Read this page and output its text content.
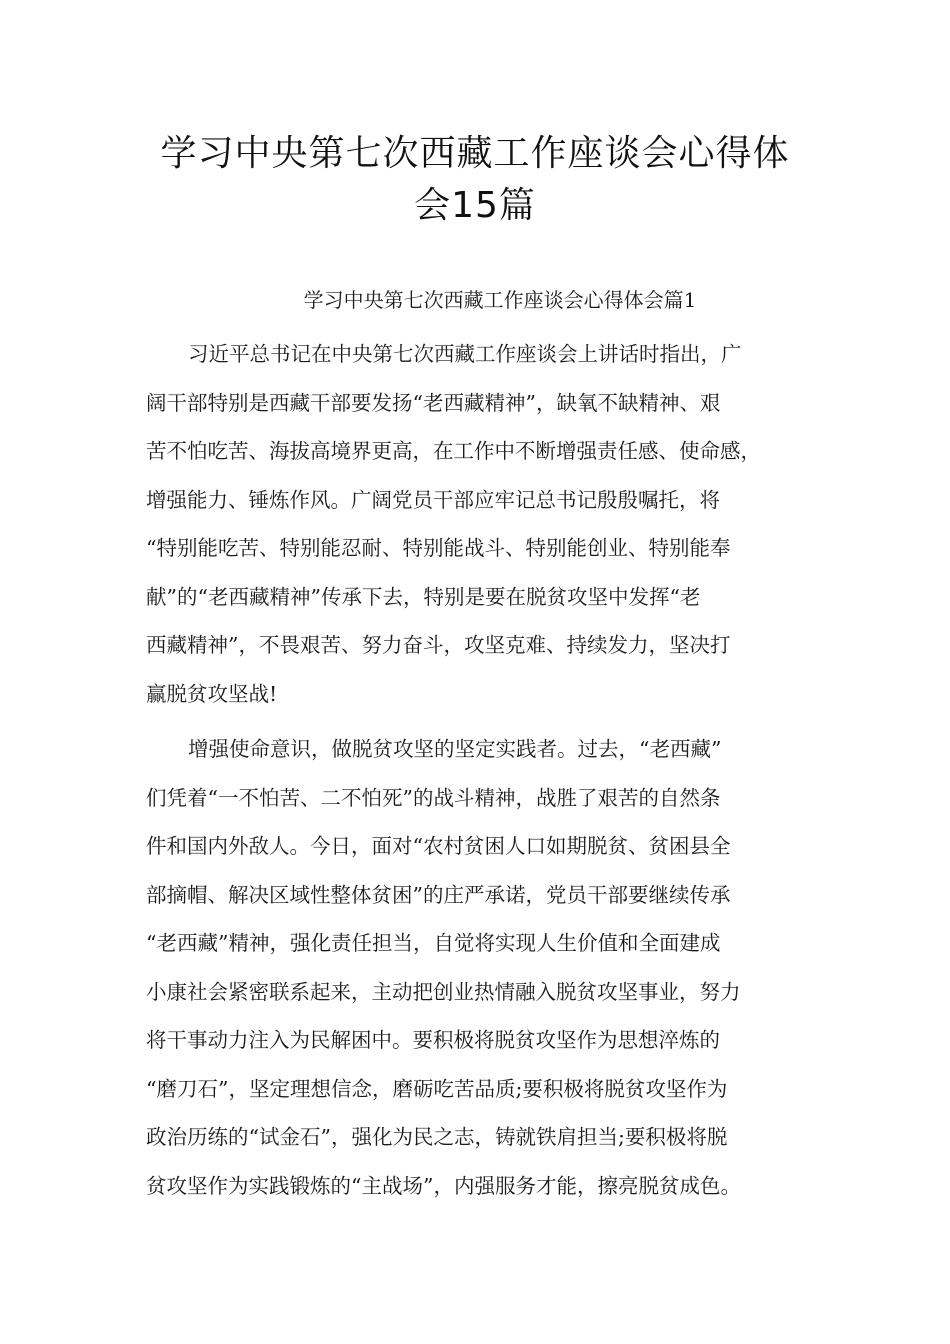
学习中央第七次西藏工作座谈会心得体
会15篇
学习中央第七次西藏工作座谈会心得体会篇1

习近平总书记在中央第七次西藏工作座谈会上讲话时指出，广
阔干部特别是西藏干部要发扬“老西藏精神”，缺氧不缺精神、艰
苦不怕吃苦、海拔高境界更高，在工作中不断增强责任感、使命感，
增强能力、锤炼作风。广阔党员干部应牢记总书记殷殷嘱托，将
“特别能吃苦、特别能忍耐、特别能战斗、特别能创业、特别能奉
献”的“老西藏精神”传承下去，特别是要在脱贫攻坚中发挥“老
西藏精神”，不畏艰苦、努力奋斗，攻坚克难、持续发力，坚决打
赢脱贫攻坚战!

增强使命意识，做脱贫攻坚的坚定实践者。过去，“老西藏”
们凭着“一不怕苦、二不怕死”的战斗精神，战胜了艰苦的自然条
件和国内外敌人。今日，面对“农村贫困人口如期脱贫、贫困县全
部摘帽、解决区域性整体贫困”的庄严承诺，党员干部要继续传承
“老西藏”精神，强化责任担当，自觉将实现人生价值和全面建成
小康社会紧密联系起来，主动把创业热情融入脱贫攻坚事业，努力
将干事动力注入为民解困中。要积极将脱贫攻坚作为思想淬炼的
“磨刀石”，坚定理想信念，磨砺吃苦品质;要积极将脱贫攻坚作为
政治历练的“试金石”，强化为民之志，铸就铁肩担当;要积极将脱
贫攻坚作为实践锻炼的“主战场”，内强服务才能，擦亮脱贫成色。
